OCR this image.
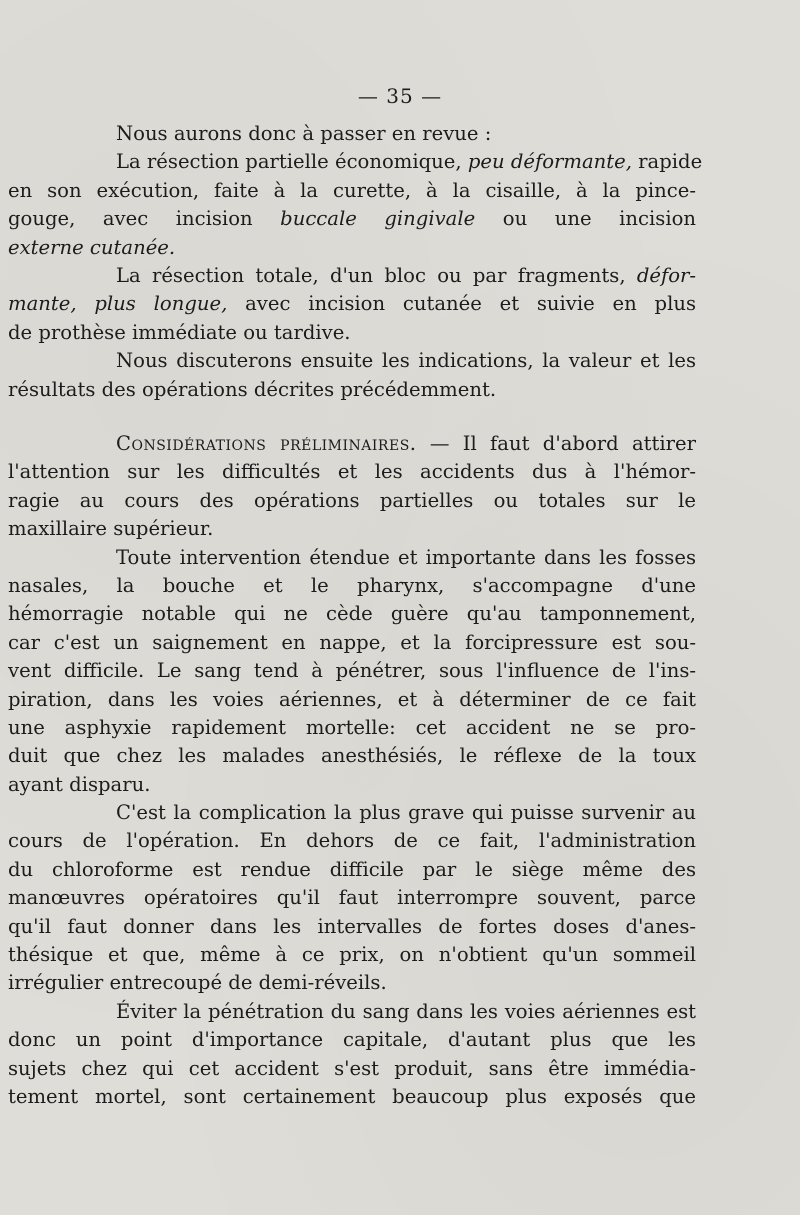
— 35 —
Nous aurons donc à passer en revue :
La résection partielle économique, peu déformante, rapide
en son exécution, faite à la curette, à la cisaille, à la pince-
gouge, avec incision buccale gingivale ou une incision
externe cutanée.
La résection totale, d'un bloc ou par fragments, défor-
mante, plus longue, avec incision cutanée et suivie en plus
de prothèse immédiate ou tardive.
Nous discuterons ensuite les indications, la valeur et les
résultats des opérations décrites précédemment.
Considérations préliminaires. — Il faut d'abord attirer
l'attention sur les difficultés et les accidents dus à l'hémor-
ragie au cours des opérations partielles ou totales sur le
maxillaire supérieur.
Toute intervention étendue et importante dans les fosses
nasales, la bouche et le pharynx, s'accompagne d'une
hémorragie notable qui ne cède guère qu'au tamponnement,
car c'est un saignement en nappe, et la forcipressure est sou-
vent difficile. Le sang tend à pénétrer, sous l'influence de l'ins-
piration, dans les voies aériennes, et à déterminer de ce fait
une asphyxie rapidement mortelle: cet accident ne se pro-
duit que chez les malades anesthésiés, le réflexe de la toux
ayant disparu.
C'est la complication la plus grave qui puisse survenir au
cours de l'opération. En dehors de ce fait, l'administration
du chloroforme est rendue difficile par le siège même des
manœuvres opératoires qu'il faut interrompre souvent, parce
qu'il faut donner dans les intervalles de fortes doses d'anes-
thésique et que, même à ce prix, on n'obtient qu'un sommeil
irrégulier entrecoupé de demi-réveils.
Éviter la pénétration du sang dans les voies aériennes est
donc un point d'importance capitale, d'autant plus que les
sujets chez qui cet accident s'est produit, sans être immédia-
tement mortel, sont certainement beaucoup plus exposés que
